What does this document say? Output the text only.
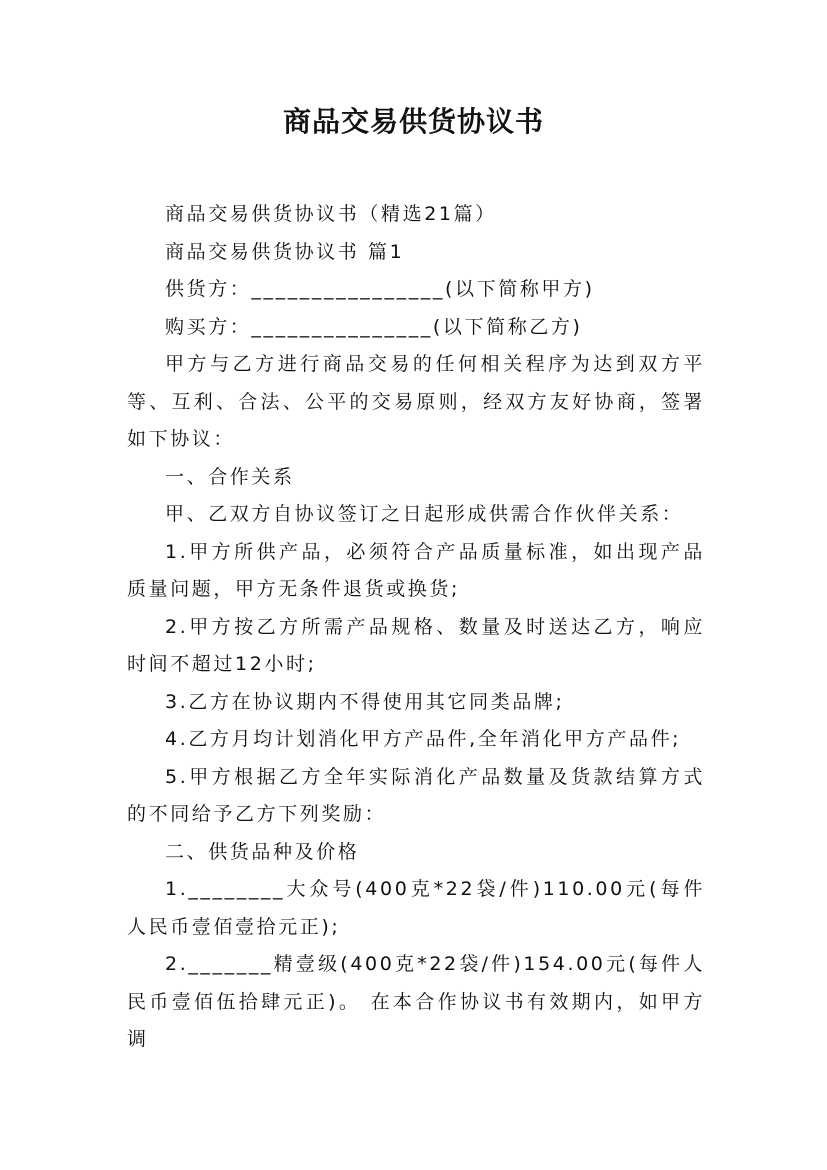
商品交易供货协议书

商品交易供货协议书（精选21篇）

商品交易供货协议书 篇1

供货方：________________(以下简称甲方)

购买方：_______________(以下简称乙方)

甲方与乙方进行商品交易的任何相关程序为达到双方平等、互利、合法、公平的交易原则，经双方友好协商，签署如下协议：

一、合作关系

甲、乙双方自协议签订之日起形成供需合作伙伴关系：

1.甲方所供产品，必须符合产品质量标准，如出现产品质量问题，甲方无条件退货或换货;

2.甲方按乙方所需产品规格、数量及时送达乙方，响应时间不超过12小时;

3.乙方在协议期内不得使用其它同类品牌;

4.乙方月均计划消化甲方产品件,全年消化甲方产品件;

5.甲方根据乙方全年实际消化产品数量及货款结算方式的不同给予乙方下列奖励：

二、供货品种及价格

1.________大众号(400克*22袋/件)110.00元(每件人民币壹佰壹拾元正);

2._______精壹级(400克*22袋/件)154.00元(每件人民币壹佰伍拾肆元正)。 在本合作协议书有效期内，如甲方调
